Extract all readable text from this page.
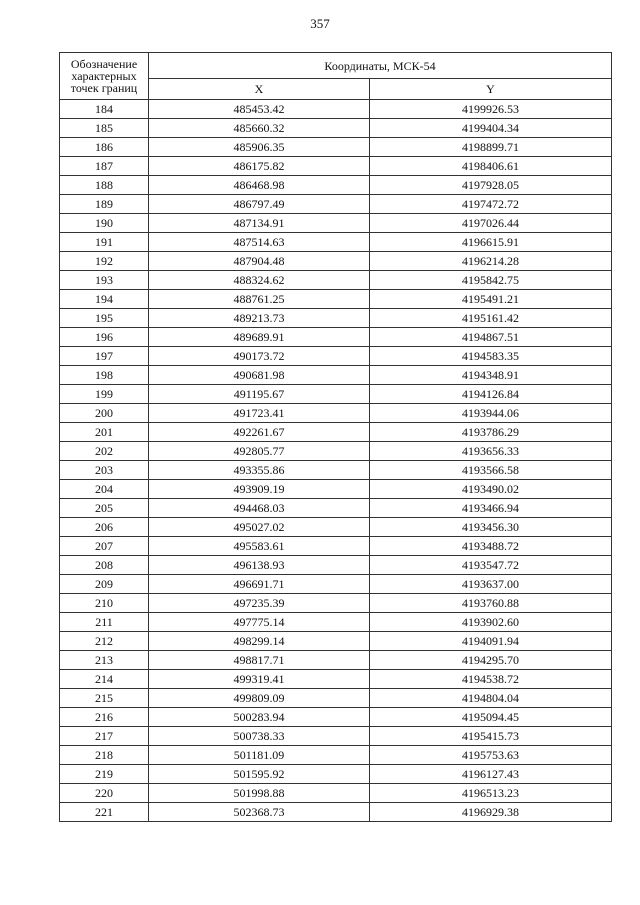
357
Обозначение характерных точек границ	Координаты, МСК-54	
	X	Y
184	485453.42	4199926.53
185	485660.32	4199404.34
186	485906.35	4198899.71
187	486175.82	4198406.61
188	486468.98	4197928.05
189	486797.49	4197472.72
190	487134.91	4197026.44
191	487514.63	4196615.91
192	487904.48	4196214.28
193	488324.62	4195842.75
194	488761.25	4195491.21
195	489213.73	4195161.42
196	489689.91	4194867.51
197	490173.72	4194583.35
198	490681.98	4194348.91
199	491195.67	4194126.84
200	491723.41	4193944.06
201	492261.67	4193786.29
202	492805.77	4193656.33
203	493355.86	4193566.58
204	493909.19	4193490.02
205	494468.03	4193466.94
206	495027.02	4193456.30
207	495583.61	4193488.72
208	496138.93	4193547.72
209	496691.71	4193637.00
210	497235.39	4193760.88
211	497775.14	4193902.60
212	498299.14	4194091.94
213	498817.71	4194295.70
214	499319.41	4194538.72
215	499809.09	4194804.04
216	500283.94	4195094.45
217	500738.33	4195415.73
218	501181.09	4195753.63
219	501595.92	4196127.43
220	501998.88	4196513.23
221	502368.73	4196929.38
